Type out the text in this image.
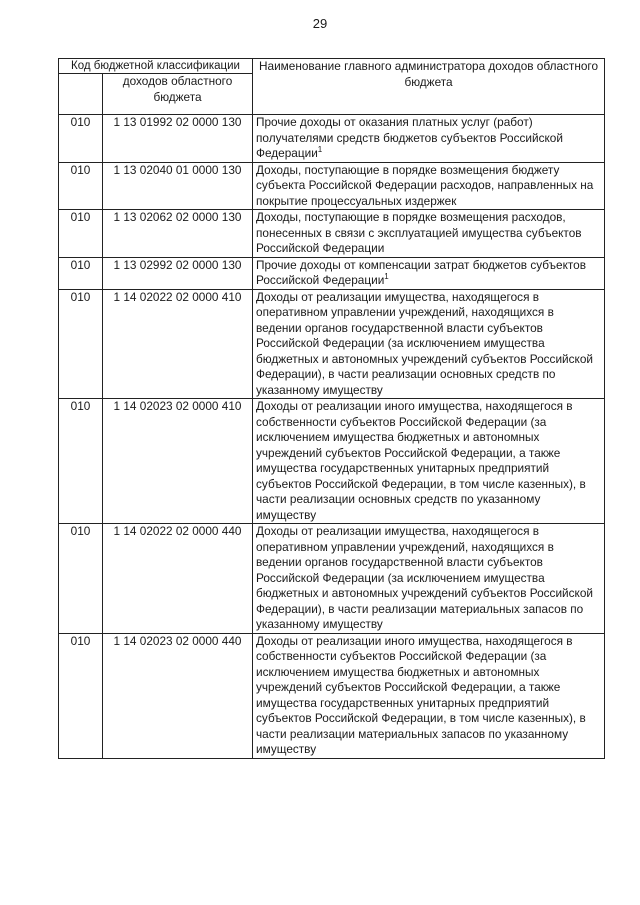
29
Код бюджетной классификации		Наименование главного администратора доходов областного бюджета
	доходов областного бюджета	
010	1 13 01992 02 0000 130	Прочие доходы от оказания платных услуг (работ) получателями средств бюджетов субъектов Российской Федерации$^1$
010	1 13 02040 01 0000 130	Доходы, поступающие в порядке возмещения бюджету субъекта Российской Федерации расходов, направленных на покрытие процессуальных издержек
010	1 13 02062 02 0000 130	Доходы, поступающие в порядке возмещения расходов, понесенных в связи с эксплуатацией имущества субъектов Российской Федерации
010	1 13 02992 02 0000 130	Прочие доходы от компенсации затрат бюджетов субъектов Российской Федерации$^1$
010	1 14 02022 02 0000 410	Доходы от реализации имущества, находящегося в оперативном управлении учреждений, находящихся в ведении органов государственной власти субъектов Российской Федерации (за исключением имущества бюджетных и автономных учреждений субъектов Российской Федерации), в части реализации основных средств по указанному имуществу
010	1 14 02023 02 0000 410	Доходы от реализации иного имущества, находящегося в собственности субъектов Российской Федерации (за исключением имущества бюджетных и автономных учреждений субъектов Российской Федерации, а также имущества государственных унитарных предприятий субъектов Российской Федерации, в том числе казенных), в части реализации основных средств по указанному имуществу
010	1 14 02022 02 0000 440	Доходы от реализации имущества, находящегося в оперативном управлении учреждений, находящихся в ведении органов государственной власти субъектов Российской Федерации (за исключением имущества бюджетных и автономных учреждений субъектов Российской Федерации), в части реализации материальных запасов по указанному имуществу
010	1 14 02023 02 0000 440	Доходы от реализации иного имущества, находящегося в собственности субъектов Российской Федерации (за исключением имущества бюджетных и автономных учреждений субъектов Российской Федерации, а также имущества государственных унитарных предприятий субъектов Российской Федерации, в том числе казенных), в части реализации материальных запасов по указанному имуществу
